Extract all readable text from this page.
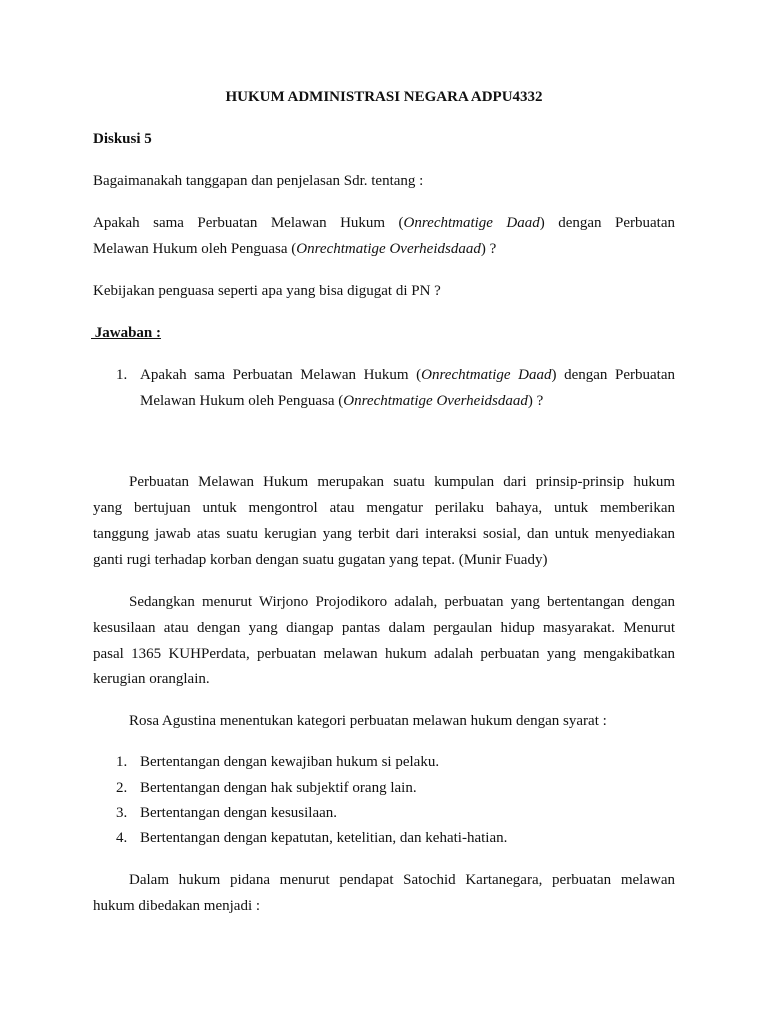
HUKUM ADMINISTRASI NEGARA ADPU4332

Diskusi 5

Bagaimanakah tanggapan dan penjelasan Sdr. tentang :

Apakah sama Perbuatan Melawan Hukum (Onrechtmatige Daad) dengan Perbuatan

Melawan Hukum oleh Penguasa (Onrechtmatige Overheidsdaad) ?

Kebijakan penguasa seperti apa yang bisa digugat di PN ?

Jawaban :

1. Apakah sama Perbuatan Melawan Hukum (Onrechtmatige Daad) dengan Perbuatan

Melawan Hukum oleh Penguasa (Onrechtmatige Overheidsdaad) ?

Perbuatan Melawan Hukum merupakan suatu kumpulan dari prinsip-prinsip hukum

yang bertujuan untuk mengontrol atau mengatur perilaku bahaya, untuk memberikan

tanggung jawab atas suatu kerugian yang terbit dari interaksi sosial, dan untuk menyediakan

ganti rugi terhadap korban dengan suatu gugatan yang tepat. (Munir Fuady)

Sedangkan menurut Wirjono Projodikoro adalah, perbuatan yang bertentangan dengan

kesusilaan atau dengan yang diangap pantas dalam pergaulan hidup masyarakat. Menurut

pasal 1365 KUHPerdata, perbuatan melawan hukum adalah perbuatan yang mengakibatkan

kerugian oranglain.

Rosa Agustina menentukan kategori perbuatan melawan hukum dengan syarat :

1. Bertentangan dengan kewajiban hukum si pelaku.

2. Bertentangan dengan hak subjektif orang lain.

3. Bertentangan dengan kesusilaan.

4. Bertentangan dengan kepatutan, ketelitian, dan kehati-hatian.

Dalam hukum pidana menurut pendapat Satochid Kartanegara, perbuatan melawan

hukum dibedakan menjadi :
